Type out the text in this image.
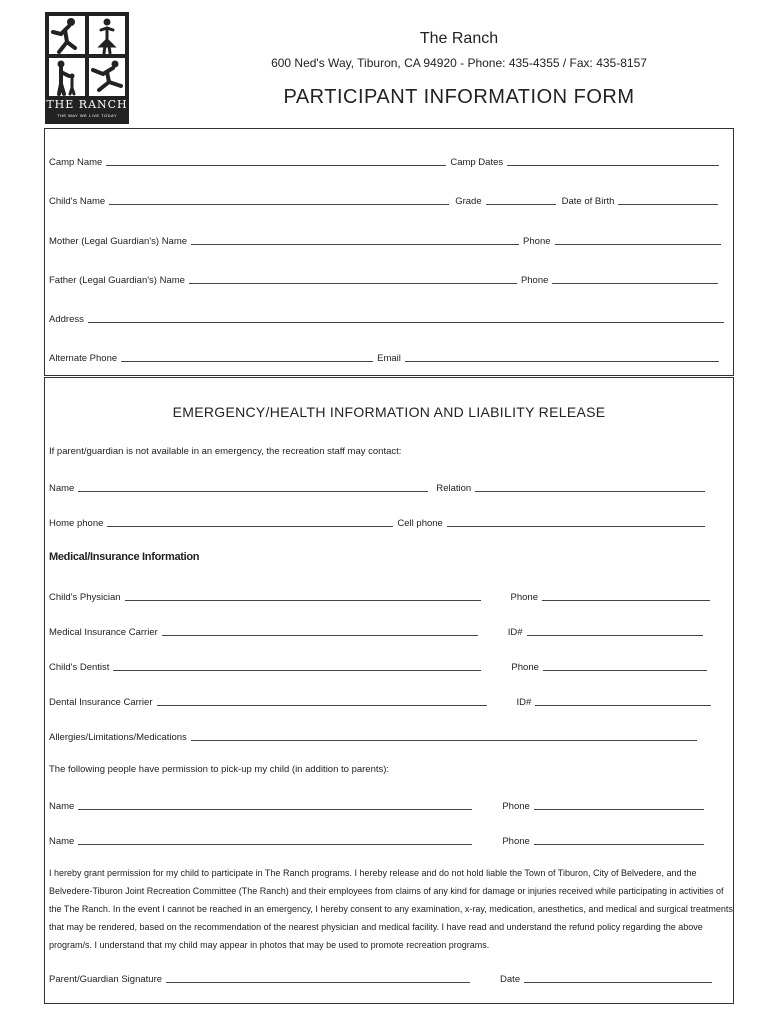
THE RANCH
THE WAY WE LIVE TODAY
The Ranch
600 Ned's Way, Tiburon, CA 94920 - Phone: 435-4355 / Fax: 435-8157
PARTICIPANT INFORMATION FORM
Camp Name	Camp Dates
Child's Name	Grade	Date of Birth
Mother (Legal Guardian's) Name	Phone
Father (Legal Guardian's) Name	Phone
Address
Alternate Phone	Email
EMERGENCY/HEALTH INFORMATION AND LIABILITY RELEASE
If parent/guardian is not available in an emergency, the recreation staff may contact:
Name	Relation
Home phone	Cell phone
Medical/Insurance Information
Child's Physician	Phone
Medical Insurance Carrier	ID#
Child's Dentist	Phone
Dental Insurance Carrier	ID#
Allergies/Limitations/Medications
The following people have permission to pick-up my child (in addition to parents):
Name	Phone
Name	Phone
I hereby grant permission for my child to participate in The Ranch programs. I hereby release and do not hold liable the Town of Tiburon, City of Belvedere, and the Belvedere-Tiburon Joint Recreation Committee (The Ranch) and their employees from claims of any kind for damage or injuries received while participating in activities of the The Ranch. In the event I cannot be reached in an emergency, I hereby consent to any examination, x-ray, medication, anesthetics, and medical and surgical treatments that may be rendered, based on the recommendation of the nearest physician and medical facility. I have read and understand the refund policy regarding the above program/s. I understand that my child may appear in photos that may be used to promote recreation programs.
Parent/Guardian Signature	Date
